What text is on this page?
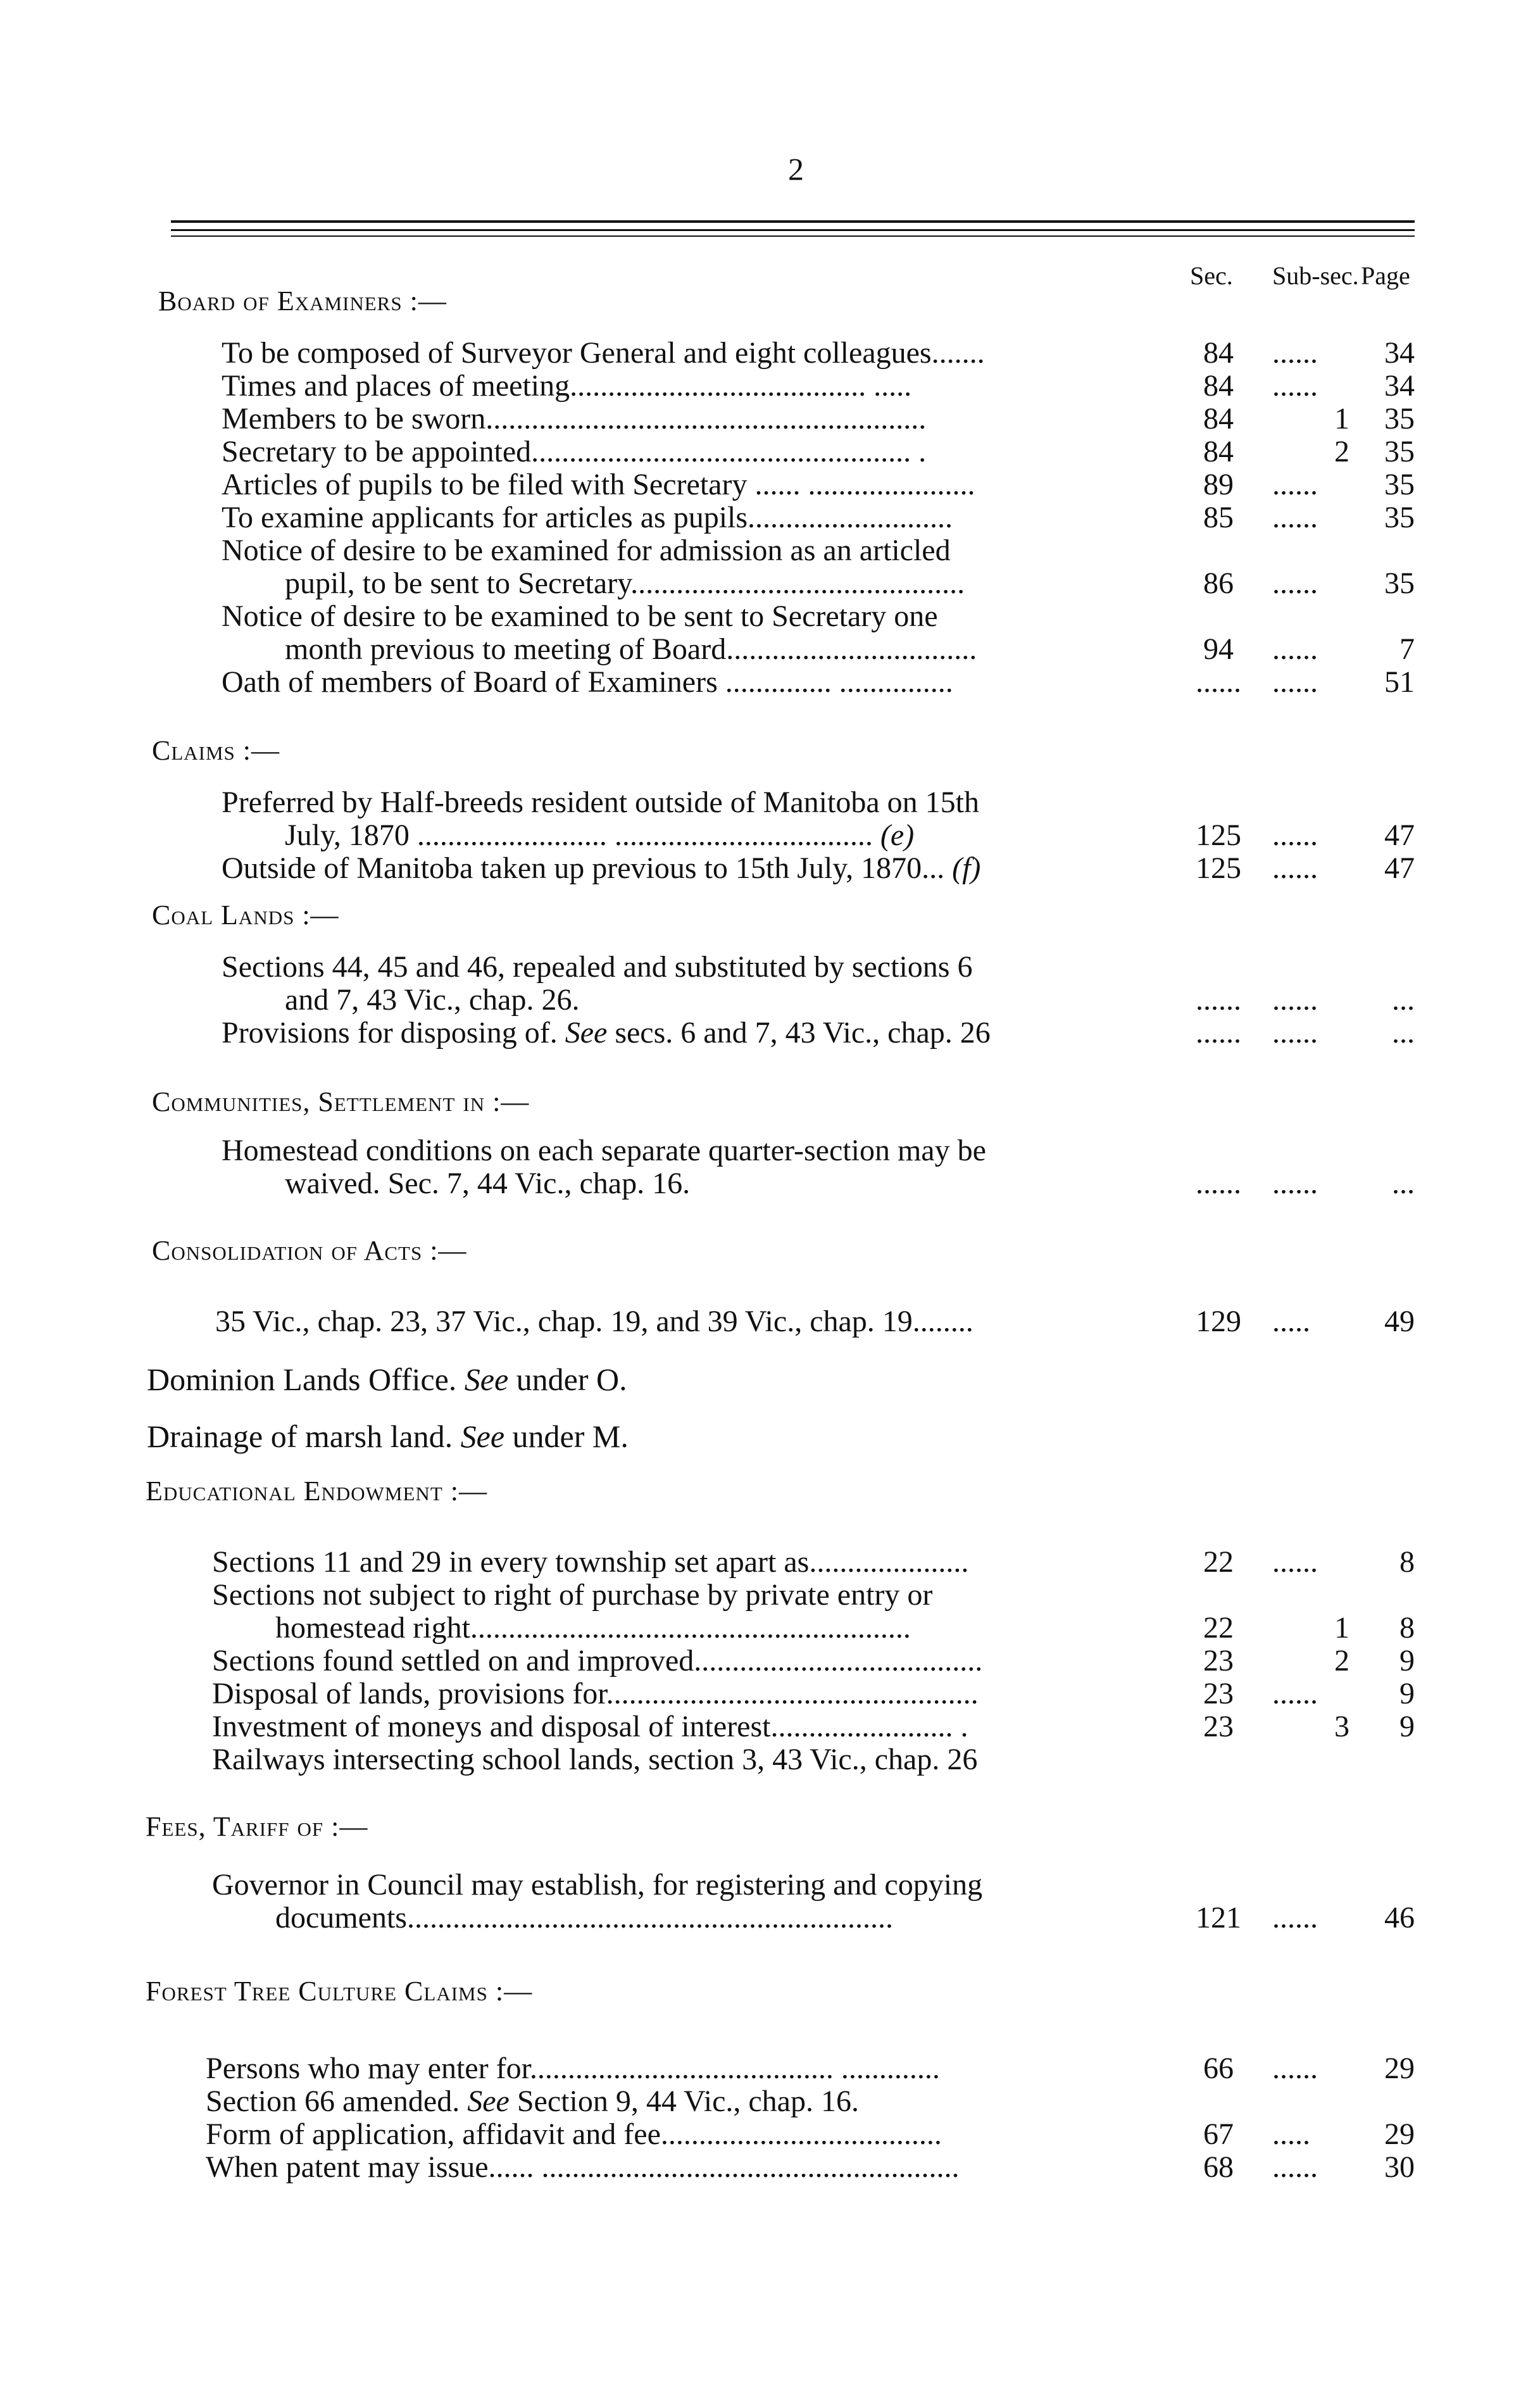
2
Sec. Sub-sec. Page
Board of Examiners :—
To be composed of Surveyor General and eight colleagues.......	84	......	34
Times and places of meeting....................................... .....	84	......	34
Members to be sworn..........................................................	84	1	35
Secretary to be appointed.................................................. .	84	2	35
Articles of pupils to be filed with Secretary ...... ......................	89	......	35
To examine applicants for articles as pupils...........................	85	......	35
Notice of desire to be examined for admission as an articled
pupil, to be sent to Secretary............................................	86	......	35
Notice of desire to be examined to be sent to Secretary one
month previous to meeting of Board.................................	94	......	7
Oath of members of Board of Examiners .............. ...............	......	......	51
Claims :—
Preferred by Half-breeds resident outside of Manitoba on 15th
July, 1870 ......................... .................................. (e)	125	......	47
Outside of Manitoba taken up previous to 15th July, 1870... (f)	125	......	47
Coal Lands :—
Sections 44, 45 and 46, repealed and substituted by sections 6
and 7, 43 Vic., chap. 26.	......	......	...
Provisions for disposing of. See secs. 6 and 7, 43 Vic., chap. 26	......	......	...
Communities, Settlement in :—
Homestead conditions on each separate quarter-section may be
waived. Sec. 7, 44 Vic., chap. 16.	......	......	...
Consolidation of Acts :—
35 Vic., chap. 23, 37 Vic., chap. 19, and 39 Vic., chap. 19........	129	.....	49
Dominion Lands Office. See under O.
Drainage of marsh land. See under M.
Educational Endowment :—
Sections 11 and 29 in every township set apart as.....................	22	......	8
Sections not subject to right of purchase by private entry or
homestead right..........................................................	22	1	8
Sections found settled on and improved......................................	23	2	9
Disposal of lands, provisions for.................................................	23	......	9
Investment of moneys and disposal of interest........................ .	23	3	9
Railways intersecting school lands, section 3, 43 Vic., chap. 26
Fees, Tariff of :—
Governor in Council may establish, for registering and copying
documents................................................................	121	......	46
Forest Tree Culture Claims :—
Persons who may enter for........................................ .............	66	......	29
Section 66 amended. See Section 9, 44 Vic., chap. 16.
Form of application, affidavit and fee.....................................	67	.....	29
When patent may issue...... .......................................................	68	......	30
